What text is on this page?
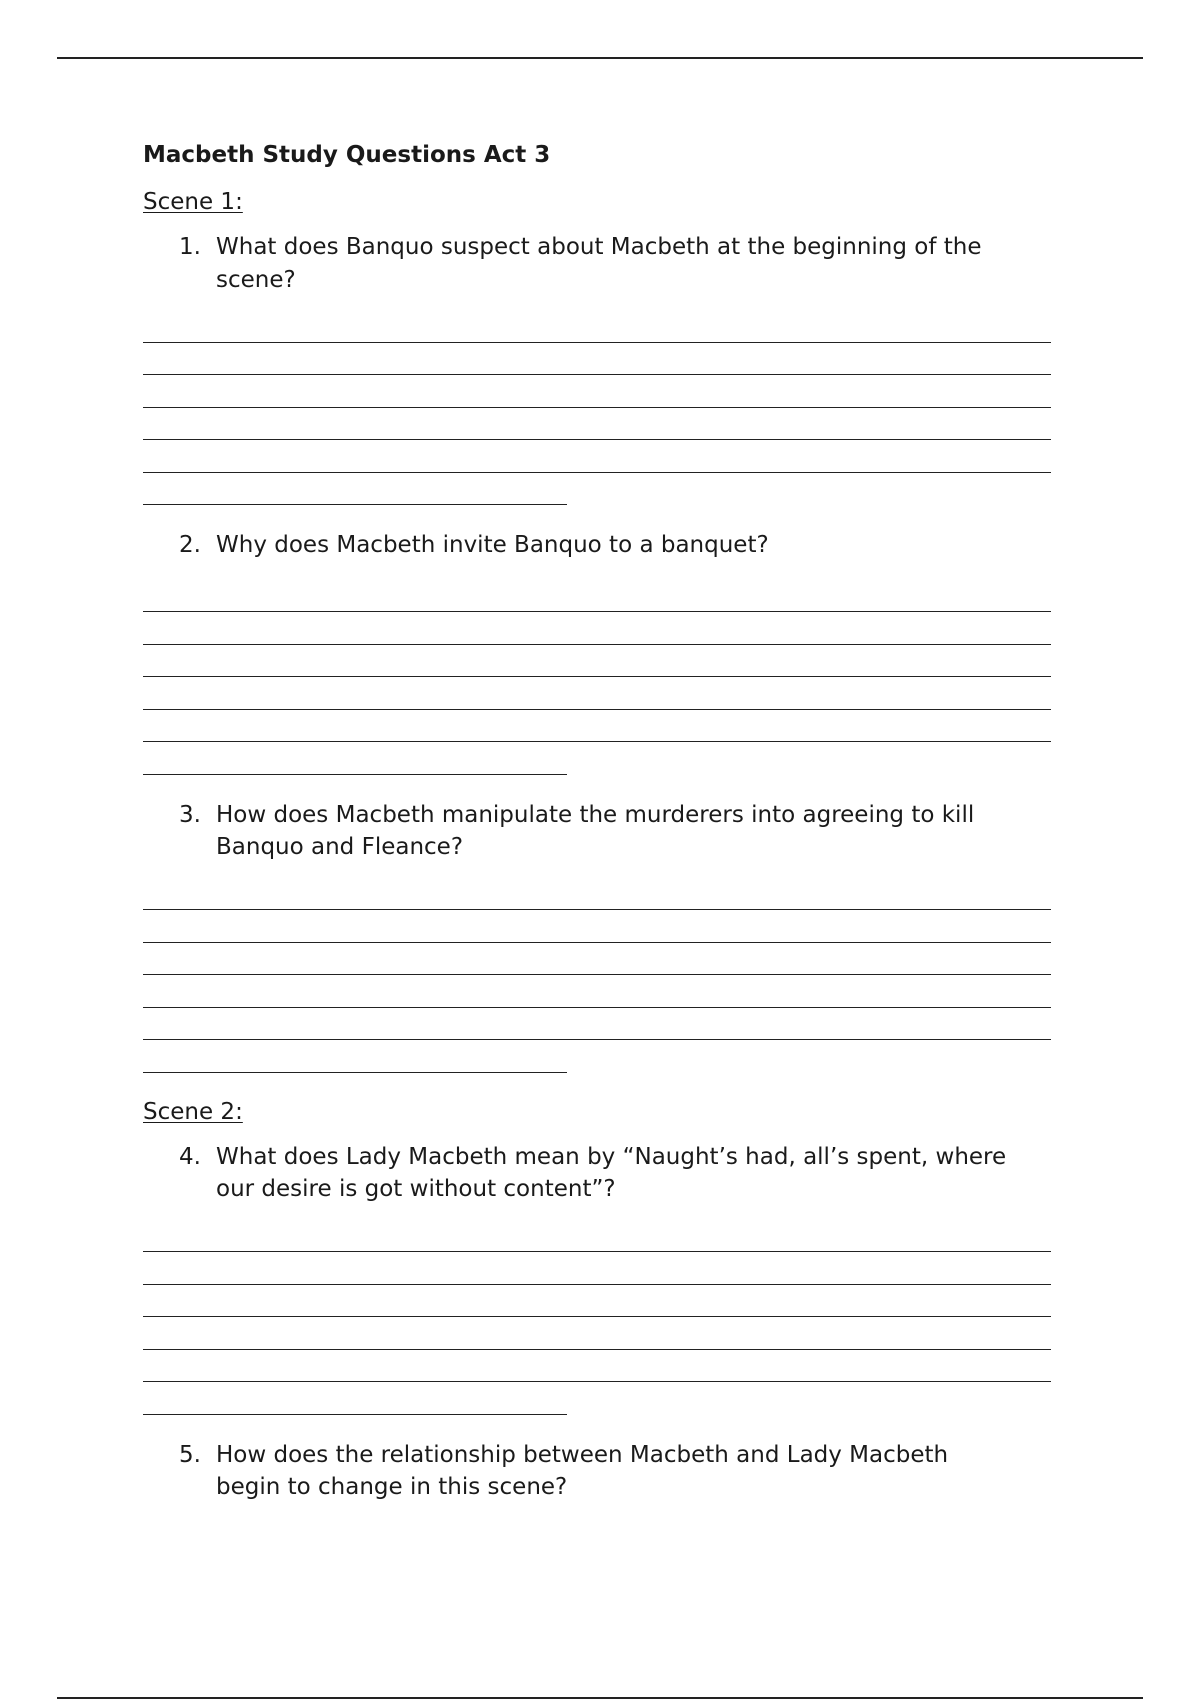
Macbeth Study Questions Act 3
Scene 1:
1. What does Banquo suspect about Macbeth at the beginning of the
scene?
2. Why does Macbeth invite Banquo to a banquet?
3. How does Macbeth manipulate the murderers into agreeing to kill
Banquo and Fleance?
Scene 2:
4. What does Lady Macbeth mean by “Naught’s had, all’s spent, where
our desire is got without content”?
5. How does the relationship between Macbeth and Lady Macbeth
begin to change in this scene?
